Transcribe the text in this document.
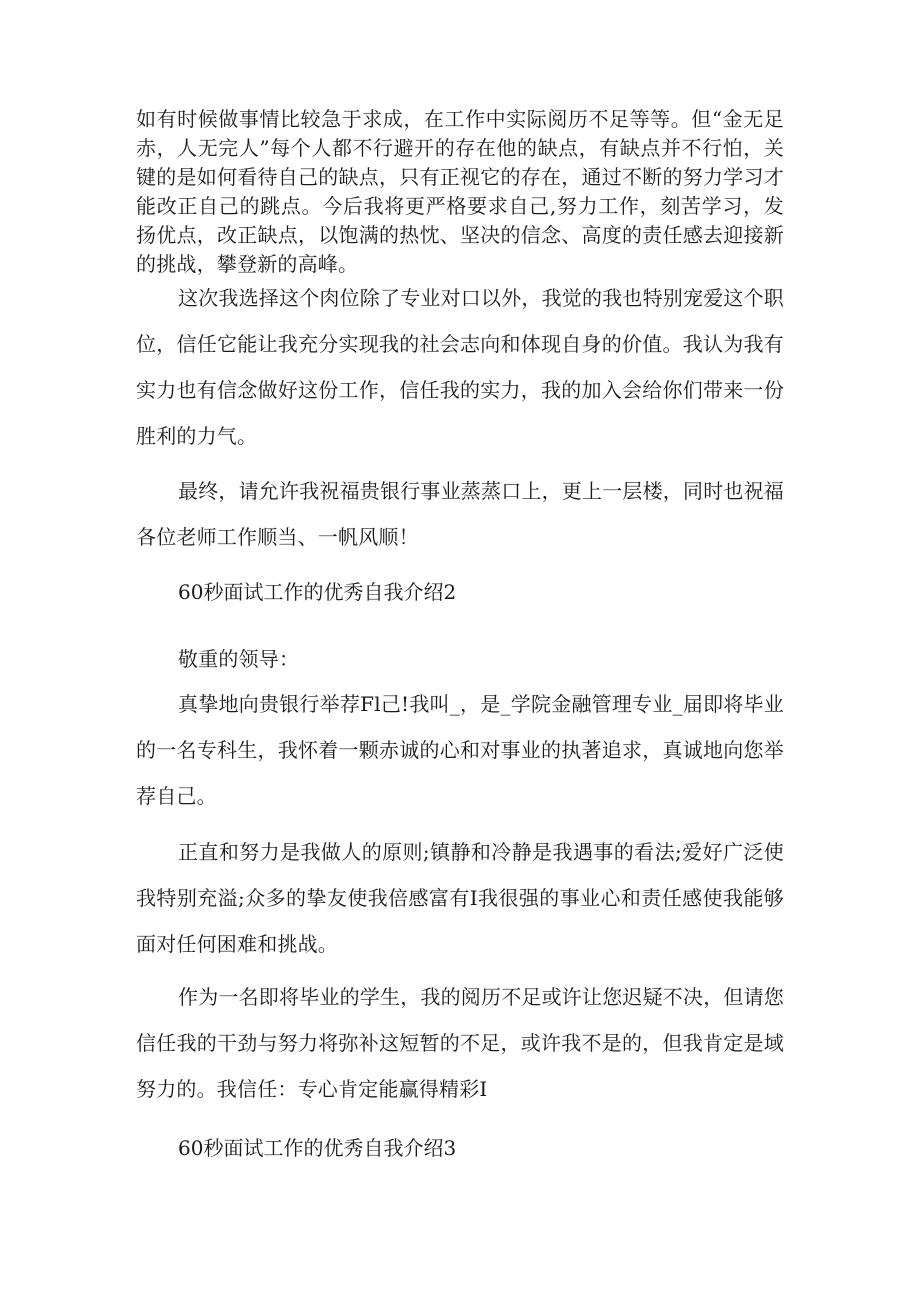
如有时候做事情比较急于求成，在工作中实际阅历不足等等。但“金无足赤，人无完人”每个人都不行避开的存在他的缺点，有缺点并不行怕，关键的是如何看待自己的缺点，只有正视它的存在，通过不断的努力学习才能改正自己的跳点。今后我将更严格要求自己,努力工作，刻苦学习，发扬优点，改正缺点，以饱满的热忱、坚决的信念、高度的责任感去迎接新的挑战，攀登新的高峰。

这次我选择这个肉位除了专业对口以外，我觉的我也特别宠爱这个职位，信任它能让我充分实现我的社会志向和体现自身的价值。我认为我有实力也有信念做好这份工作，信任我的实力，我的加入会给你们带来一份胜利的力气。

最终，请允许我祝福贵银行事业蒸蒸口上，更上一层楼，同时也祝福各位老师工作顺当、一帆风顺！

60秒面试工作的优秀自我介绍2

敬重的领导：

真挚地向贵银行举荐Fl己!我叫_，是_学院金融管理专业_届即将毕业的一名专科生，我怀着一颗赤诚的心和对事业的执著追求，真诚地向您举荐自己。

正直和努力是我做人的原则;镇静和冷静是我遇事的看法;爱好广泛使我特别充溢;众多的挚友使我倍感富有I我很强的事业心和责任感使我能够面对任何困难和挑战。

作为一名即将毕业的学生，我的阅历不足或许让您迟疑不决，但请您信任我的干劲与努力将弥补这短暂的不足，或许我不是的，但我肯定是域努力的。我信任：专心肯定能赢得精彩I

60秒面试工作的优秀自我介绍3
